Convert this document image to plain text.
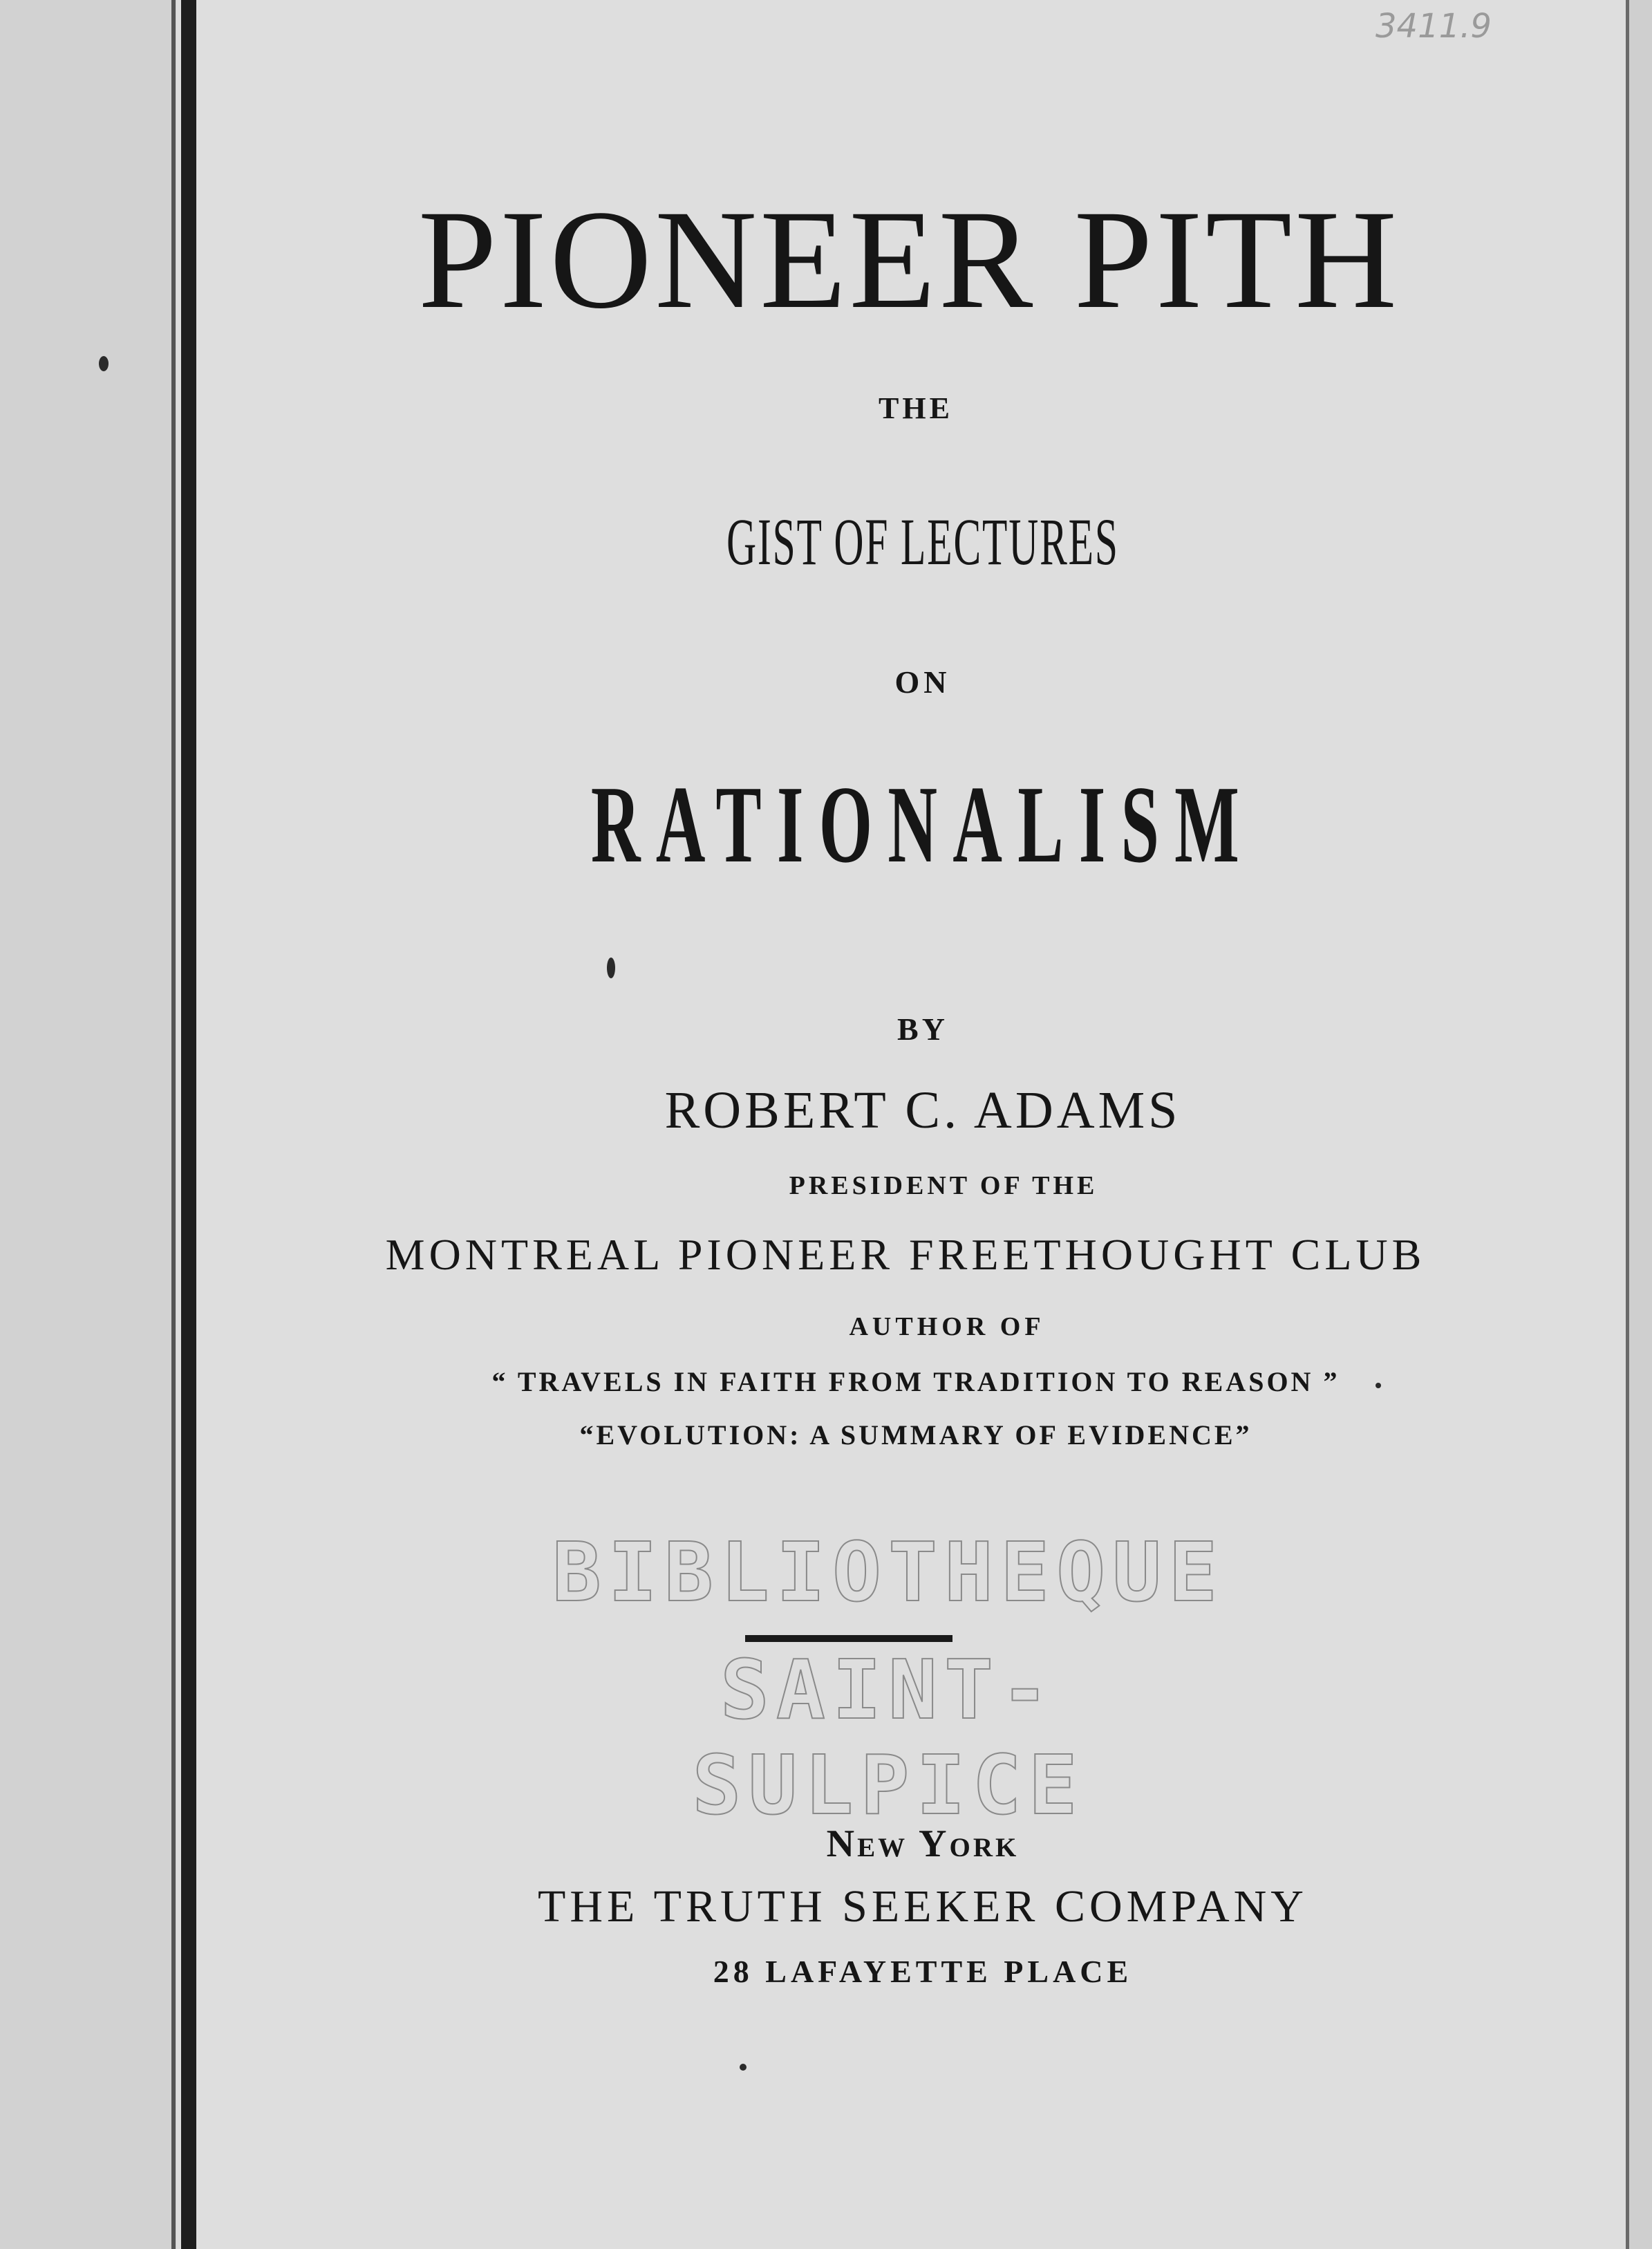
3411.9
PIONEER PITH
THE
GIST OF LECTURES
ON
RATIONALISM
BY
ROBERT C. ADAMS
PRESIDENT OF THE
MONTREAL PIONEER FREETHOUGHT CLUB
AUTHOR OF
“ TRAVELS IN FAITH FROM TRADITION TO REASON ”
“EVOLUTION: A SUMMARY OF EVIDENCE”
BIBLIOTHEQUE
SAINT-SULPICE
New York
THE TRUTH SEEKER COMPANY
28 LAFAYETTE PLACE
